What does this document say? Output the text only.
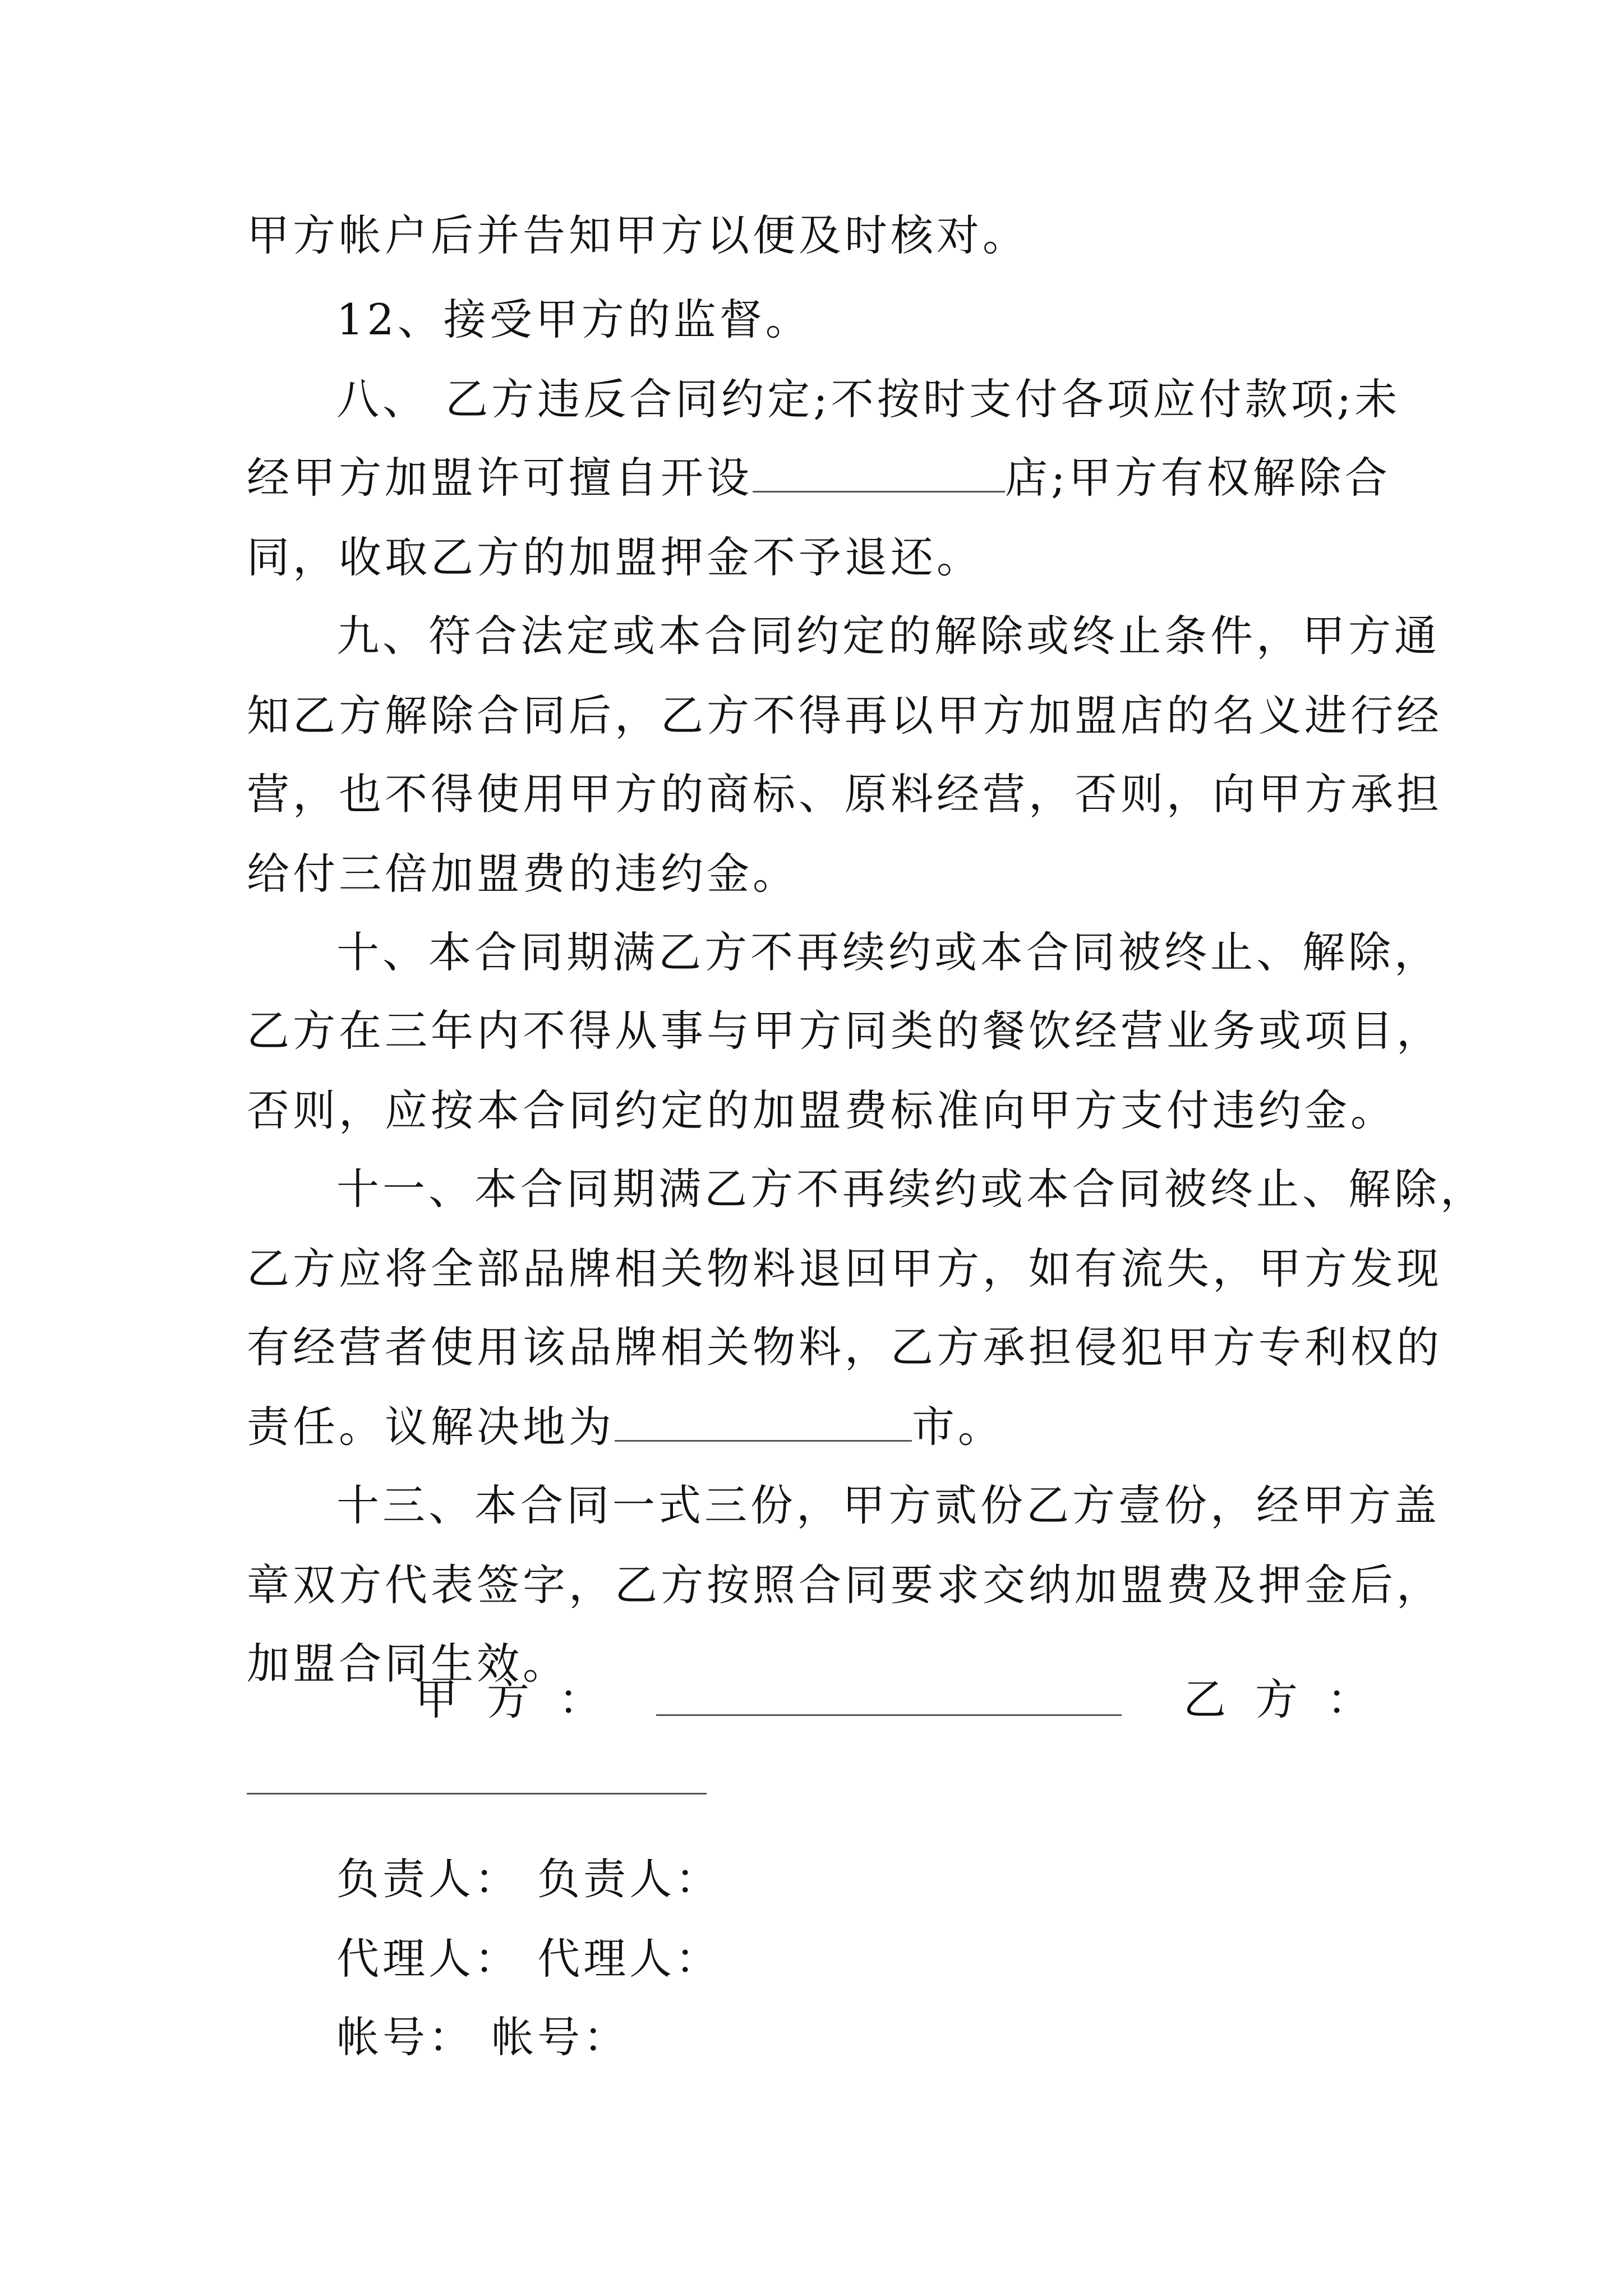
甲方帐户后并告知甲方以便及时核对。
12、接受甲方的监督。
八、 乙方违反合同约定;不按时支付各项应付款项;未
经甲方加盟许可擅自开设	店;甲方有权解除合
同，收取乙方的加盟押金不予退还。
九、符合法定或本合同约定的解除或终止条件，甲方通
知乙方解除合同后，乙方不得再以甲方加盟店的名义进行经
营，也不得使用甲方的商标、原料经营，否则，向甲方承担
给付三倍加盟费的违约金。
十、本合同期满乙方不再续约或本合同被终止、解除，
乙方在三年内不得从事与甲方同类的餐饮经营业务或项目，
否则，应按本合同约定的加盟费标准向甲方支付违约金。
十一、本合同期满乙方不再续约或本合同被终止、解除，
乙方应将全部品牌相关物料退回甲方，如有流失，甲方发现
有经营者使用该品牌相关物料，乙方承担侵犯甲方专利权的
责任。议解决地为	市。
十三、本合同一式三份，甲方贰份乙方壹份，经甲方盖
章双方代表签字，乙方按照合同要求交纳加盟费及押金后，
加盟合同生效。
甲方：	乙方：
负责人： 负责人：
代理人： 代理人：
帐号： 帐号：
